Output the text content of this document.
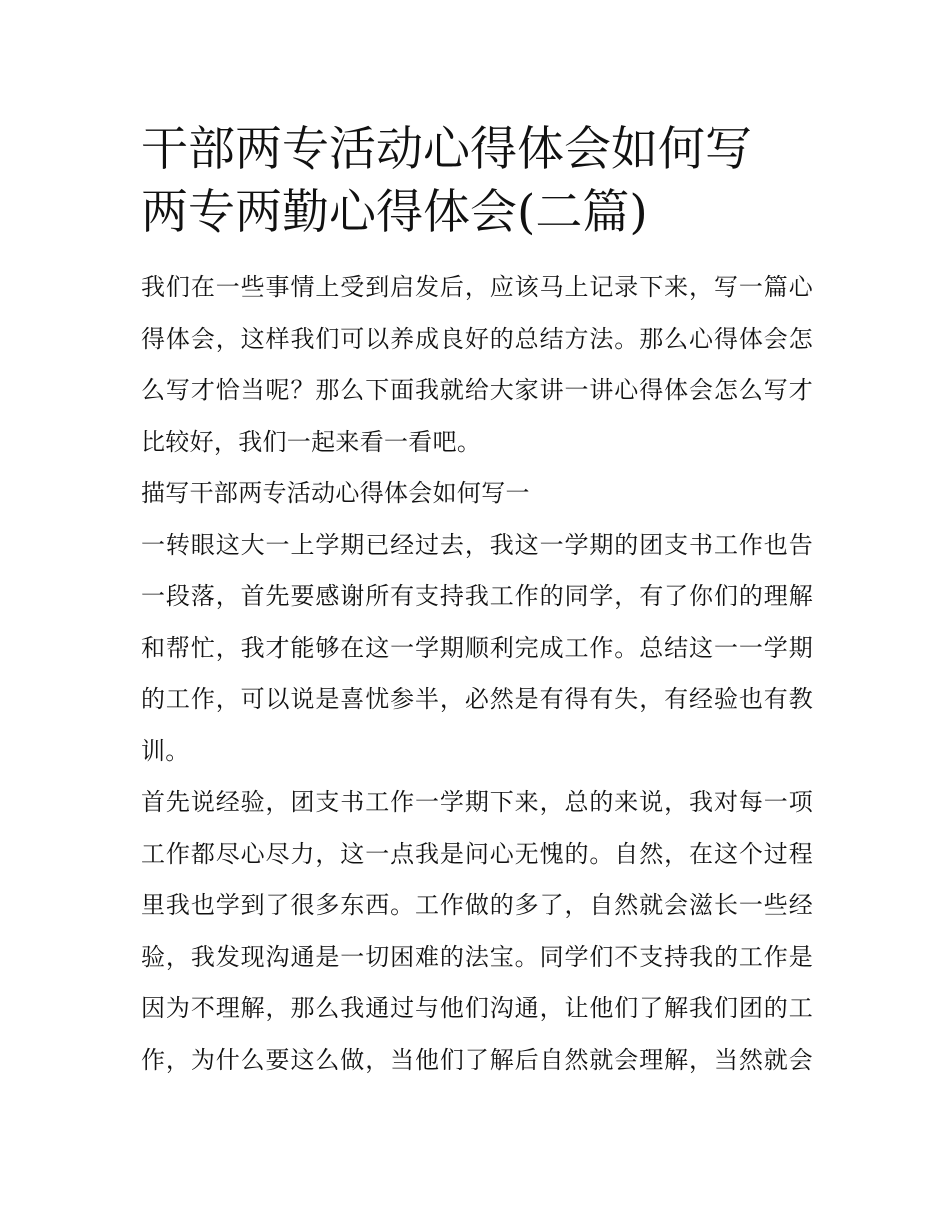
干部两专活动心得体会如何写
两专两勤心得体会(二篇)

我们在一些事情上受到启发后，应该马上记录下来，写一篇心
得体会，这样我们可以养成良好的总结方法。那么心得体会怎
么写才恰当呢？那么下面我就给大家讲一讲心得体会怎么写才
比较好，我们一起来看一看吧。

描写干部两专活动心得体会如何写一

一转眼这大一上学期已经过去，我这一学期的团支书工作也告
一段落，首先要感谢所有支持我工作的同学，有了你们的理解
和帮忙，我才能够在这一学期顺利完成工作。总结这一一学期
的工作，可以说是喜忧参半，必然是有得有失，有经验也有教
训。

首先说经验，团支书工作一学期下来，总的来说，我对每一项
工作都尽心尽力，这一点我是问心无愧的。自然，在这个过程
里我也学到了很多东西。工作做的多了，自然就会滋长一些经
验，我发现沟通是一切困难的法宝。同学们不支持我的工作是
因为不理解，那么我通过与他们沟通，让他们了解我们团的工
作，为什么要这么做，当他们了解后自然就会理解，当然就会
